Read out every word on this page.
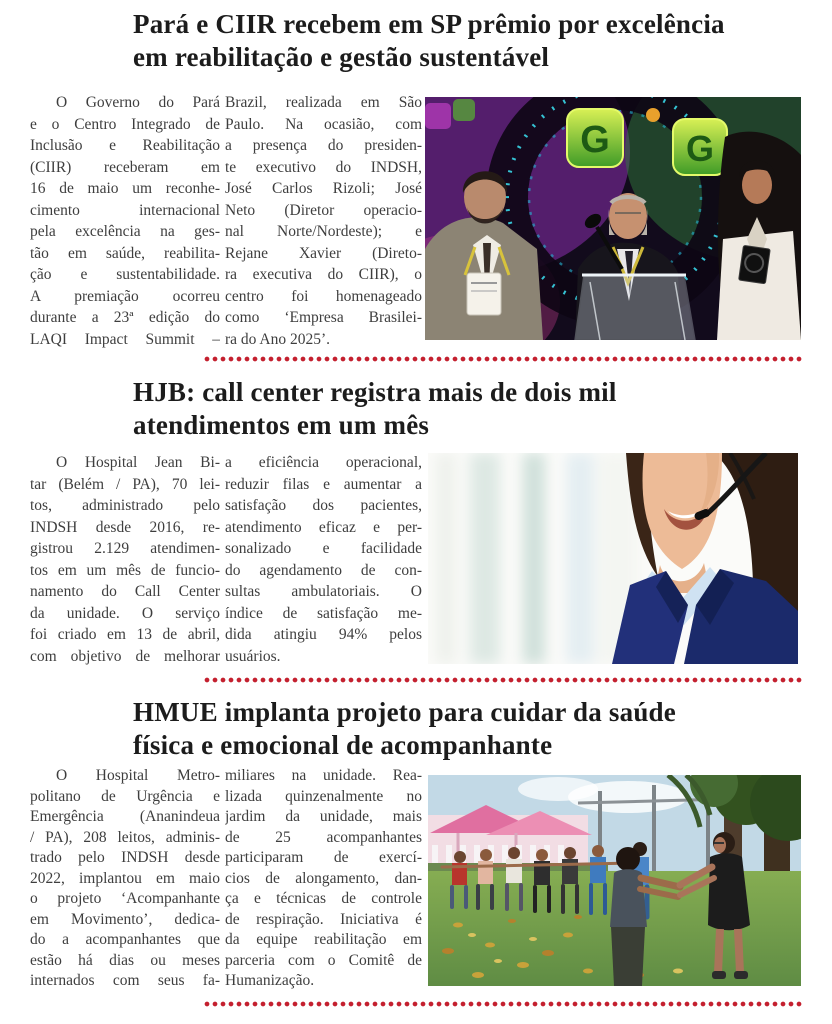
Pará e CIIR recebem em SP prêmio por excelência
em reabilitação e gestão sustentável
O Governo do Pará
e o Centro Integrado de
Inclusão e Reabilitação
(CIIR) receberam em
16 de maio um reconhe-
cimento internacional
pela excelência na ges-
tão em saúde, reabilita-
ção e sustentabilidade.
A premiação ocorreu
durante a 23ª edição do
LAQI Impact Summit –
Brazil, realizada em São
Paulo. Na ocasião, com
a presença do presiden-
te executivo do INDSH,
José Carlos Rizoli; José
Neto (Diretor operacio-
nal Norte/Nordeste); e
Rejane Xavier (Direto-
ra executiva do CIIR), o
centro foi homenageado
como ‘Empresa Brasilei-
ra do Ano 2025’.
G G
HJB: call center registra mais de dois mil
atendimentos em um mês
O Hospital Jean Bi-
tar (Belém / PA), 70 lei-
tos, administrado pelo
INDSH desde 2016, re-
gistrou 2.129 atendimen-
tos em um mês de funcio-
namento do Call Center
da unidade. O serviço
foi criado em 13 de abril,
com objetivo de melhorar
a eficiência operacional,
reduzir filas e aumentar a
satisfação dos pacientes,
atendimento eficaz e per-
sonalizado e facilidade
do agendamento de con-
sultas ambulatoriais. O
índice de satisfação me-
dida atingiu 94% pelos
usuários.
HMUE implanta projeto para cuidar da saúde
física e emocional de acompanhante
O Hospital Metro-
politano de Urgência e
Emergência (Ananindeua
/ PA), 208 leitos, adminis-
trado pelo INDSH desde
2022, implantou em maio
o projeto ‘Acompanhante
em Movimento’, dedica-
do a acompanhantes que
estão há dias ou meses
internados com seus fa-
miliares na unidade. Rea-
lizada quinzenalmente no
jardim da unidade, mais
de 25 acompanhantes
participaram de exercí-
cios de alongamento, dan-
ça e técnicas de controle
de respiração. Iniciativa é
da equipe reabilitação em
parceria com o Comitê de
Humanização.
